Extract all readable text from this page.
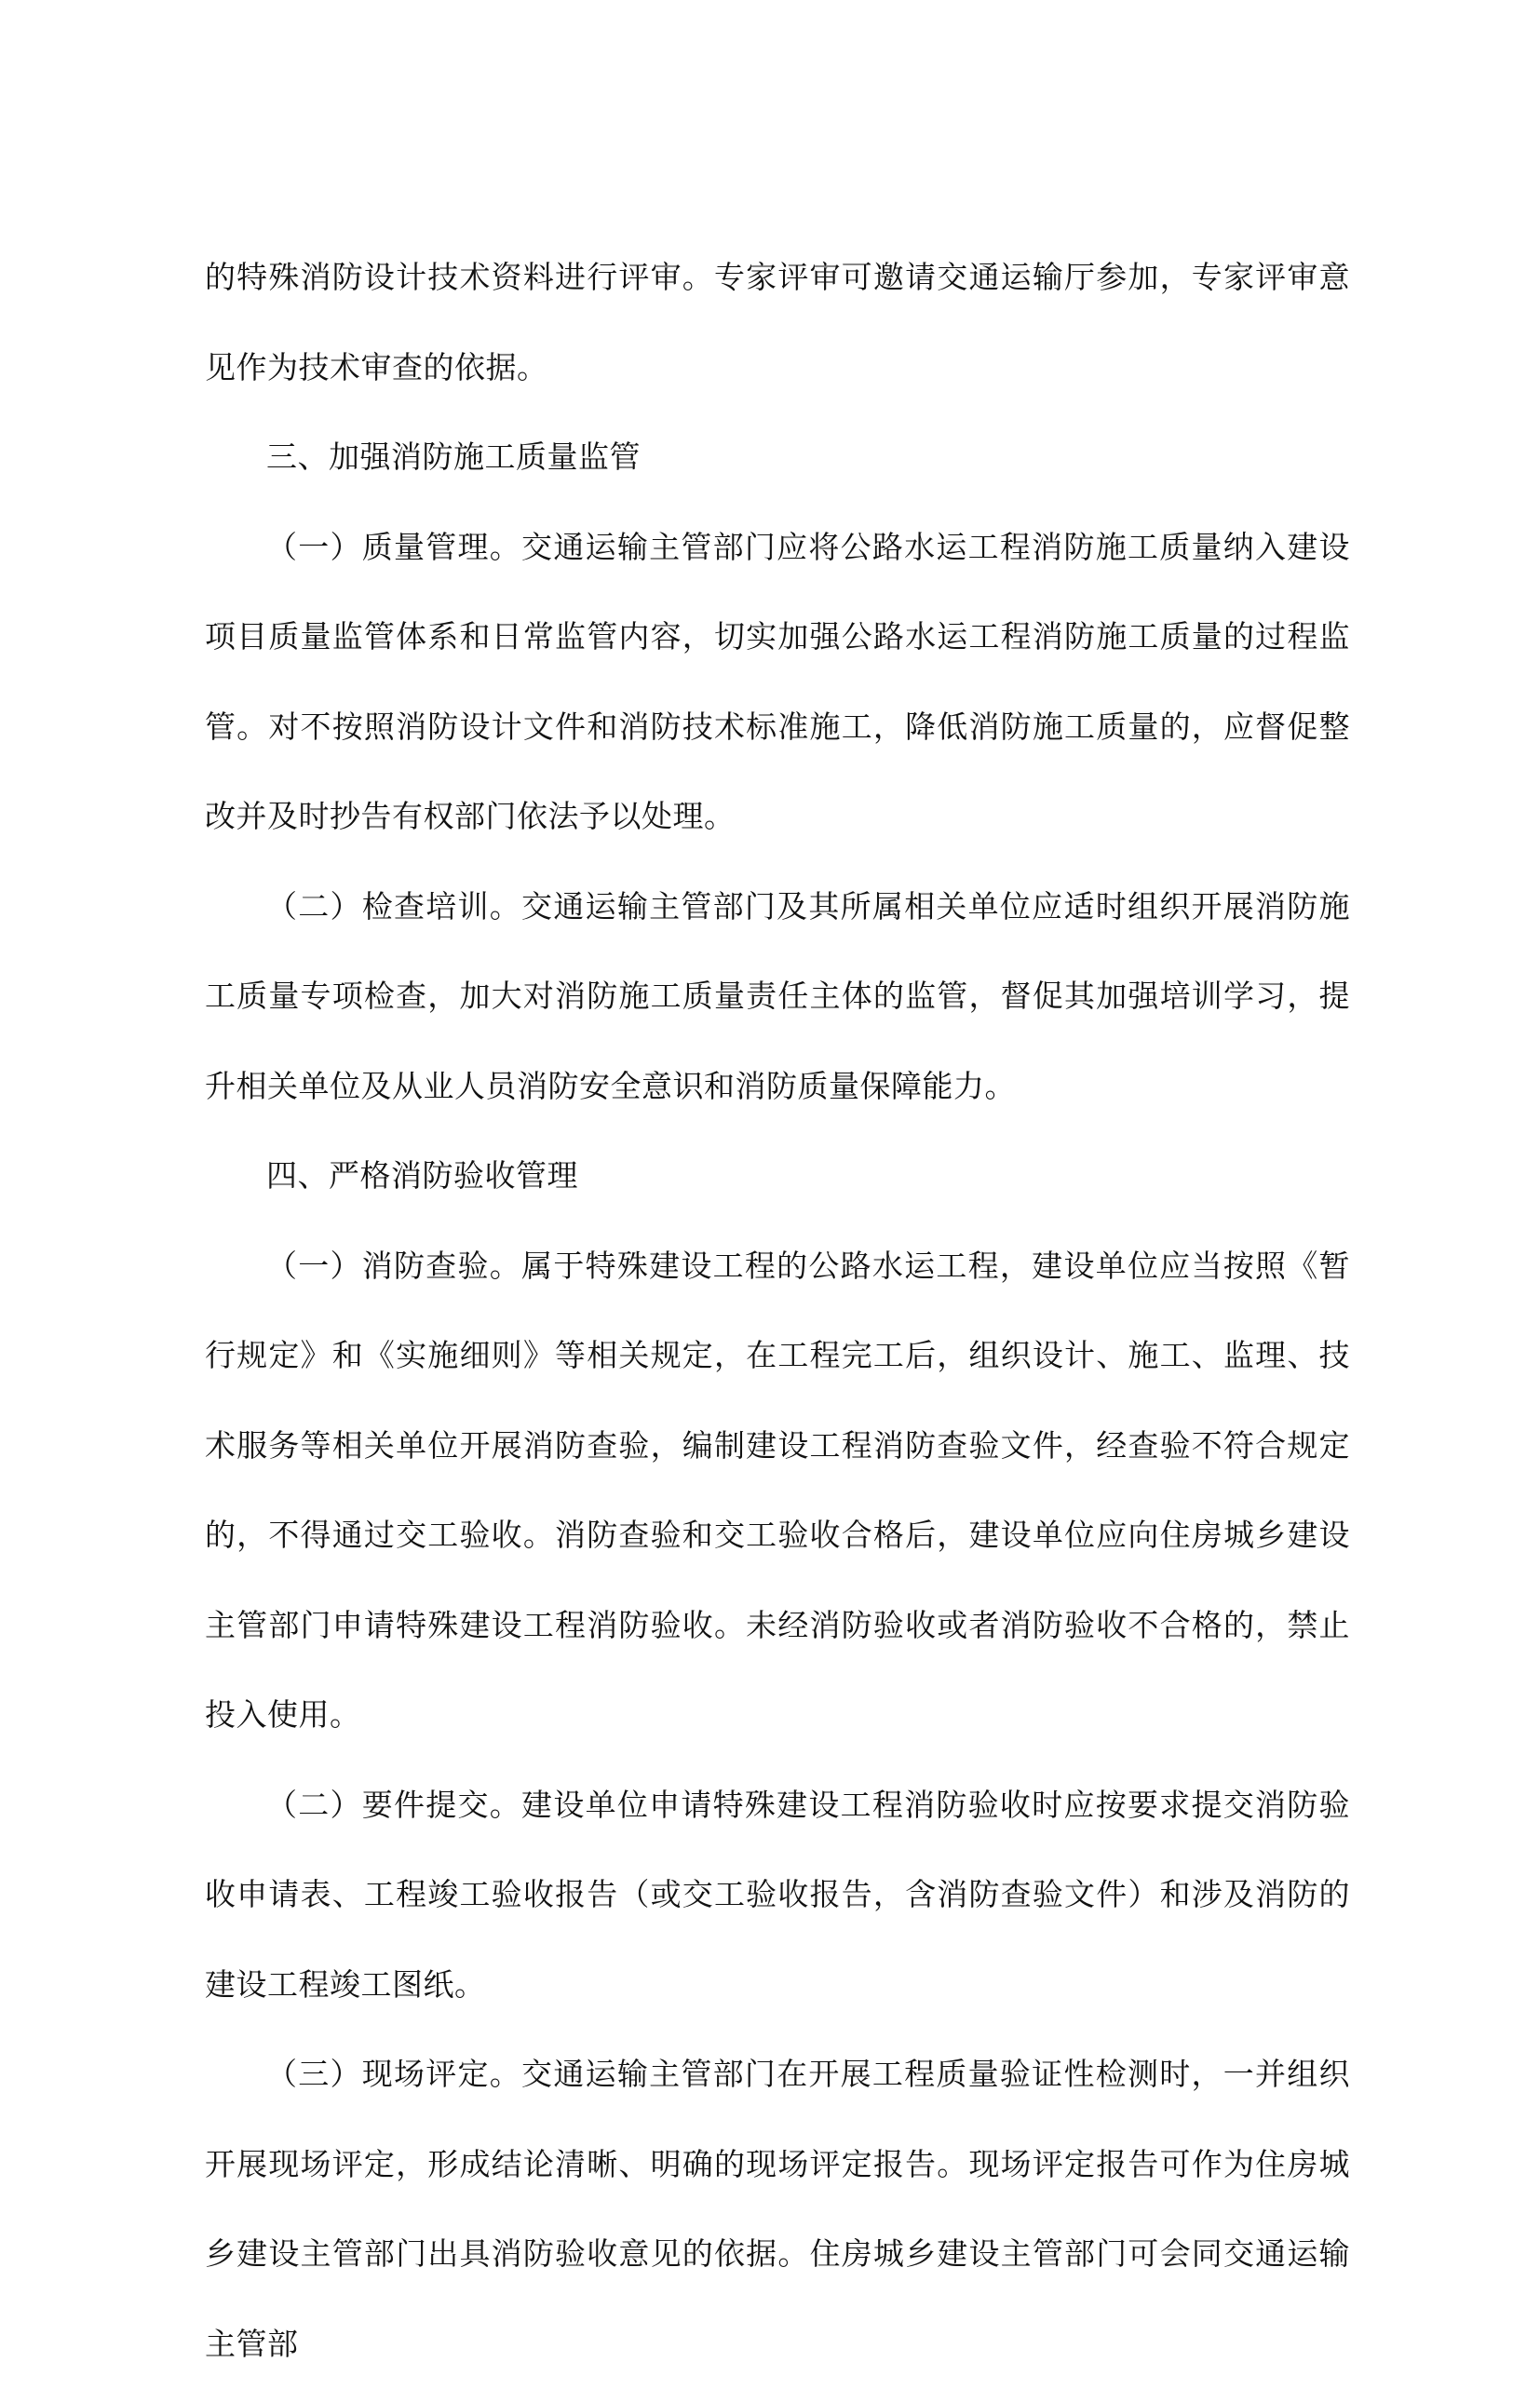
的特殊消防设计技术资料进行评审。专家评审可邀请交通运输厅参加，专家评审意见作为技术审查的依据。

三、加强消防施工质量监管

（一）质量管理。交通运输主管部门应将公路水运工程消防施工质量纳入建设项目质量监管体系和日常监管内容，切实加强公路水运工程消防施工质量的过程监管。对不按照消防设计文件和消防技术标准施工，降低消防施工质量的，应督促整改并及时抄告有权部门依法予以处理。

（二）检查培训。交通运输主管部门及其所属相关单位应适时组织开展消防施工质量专项检查，加大对消防施工质量责任主体的监管，督促其加强培训学习，提升相关单位及从业人员消防安全意识和消防质量保障能力。

四、严格消防验收管理

（一）消防查验。属于特殊建设工程的公路水运工程，建设单位应当按照《暂行规定》和《实施细则》等相关规定，在工程完工后，组织设计、施工、监理、技术服务等相关单位开展消防查验，编制建设工程消防查验文件，经查验不符合规定的，不得通过交工验收。消防查验和交工验收合格后，建设单位应向住房城乡建设主管部门申请特殊建设工程消防验收。未经消防验收或者消防验收不合格的，禁止投入使用。

（二）要件提交。建设单位申请特殊建设工程消防验收时应按要求提交消防验收申请表、工程竣工验收报告（或交工验收报告，含消防查验文件）和涉及消防的建设工程竣工图纸。

（三）现场评定。交通运输主管部门在开展工程质量验证性检测时，一并组织开展现场评定，形成结论清晰、明确的现场评定报告。现场评定报告可作为住房城乡建设主管部门出具消防验收意见的依据。住房城乡建设主管部门可会同交通运输主管部
